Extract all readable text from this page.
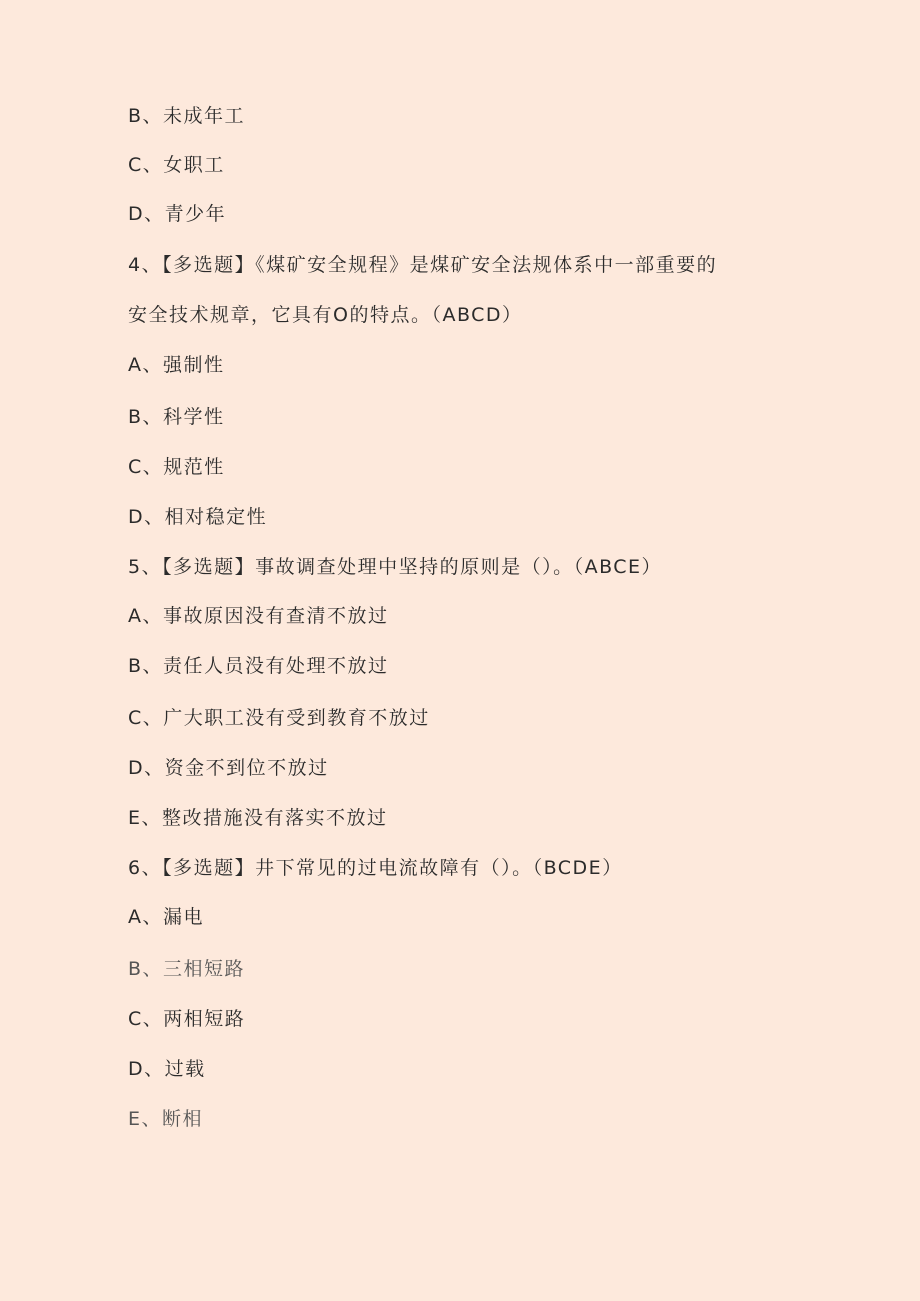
B、未成年工
C、女职工
D、青少年
4、【多选题】《煤矿安全规程》是煤矿安全法规体系中一部重要的
安全技术规章，它具有O的特点。（ABCD）
A、强制性
B、科学性
C、规范性
D、相对稳定性
5、【多选题】事故调查处理中坚持的原则是（）。（ABCE）
A、事故原因没有查清不放过
B、责任人员没有处理不放过
C、广大职工没有受到教育不放过
D、资金不到位不放过
E、整改措施没有落实不放过
6、【多选题】井下常见的过电流故障有（）。（BCDE）
A、漏电
B、三相短路
C、两相短路
D、过载
E、断相
